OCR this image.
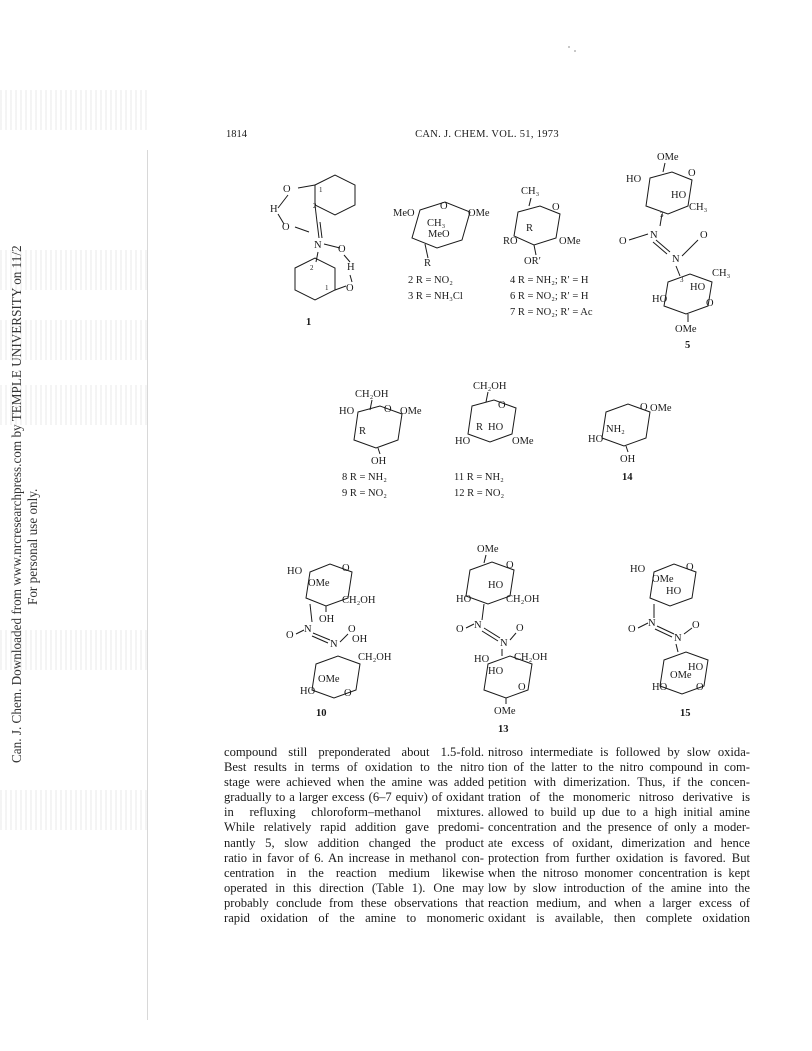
Can. J. Chem. Downloaded from www.nrcresearchpress.com by TEMPLE UNIVERSITY on 11/23/14 For personal use only.
1814	CAN. J. CHEM. VOL. 51, 1973
O
H
O
1
2
N O
H
O
2
1
1
MeO
O
OMe
CH₃
MeO
R
2 R = NO₂
3 R = NH₃Cl
CH₃
O
R
RO	OMe
OR′
4 R = NH₂; R′ = H
6 R = NO₂; R′ = H
7 R = NO₂; R′ = Ac
OMe
O
HO
HO
CH₃
3
O
N
N
O
3
HO
CH₃
HO	O
OMe
5
CH₂OH
O OMe
HO
R
OH
8 R = NH₂
9 R = NO₂
CH₂OH
O
R HO
HO	OMe
11 R = NH₂
12 R = NO₂
O OMe
NH₂
HO
OH
14
HO	O
OMe
CH₂OH
OH
O
N
N
O
OH
CH₂OH
OMe
HO	O
10
OMe
O
HO
HO	CH₂OH
O N
N
O
HO CH₂OH
HO
O
OMe
13
HO	O
OMe
HO
O
N
N
O
HO
OMe
HO	O
15

compound still preponderated about 1.5-fold.

Best results in terms of oxidation to the nitro

stage were achieved when the amine was added

gradually to a larger excess (6–7 equiv) of oxidant

in refluxing chloroform–methanol mixtures.

While relatively rapid addition gave predomi-

nantly 5, slow addition changed the product

ratio in favor of 6. An increase in methanol con-

centration in the reaction medium likewise

operated in this direction (Table 1). One may

probably conclude from these observations that

rapid oxidation of the amine to monomeric

nitroso intermediate is followed by slow oxida-

tion of the latter to the nitro compound in com-

petition with dimerization. Thus, if the concen-

tration of the monomeric nitroso derivative is

allowed to build up due to a high initial amine

concentration and the presence of only a moder-

ate excess of oxidant, dimerization and hence

protection from further oxidation is favored. But

when the nitroso monomer concentration is kept

low by slow introduction of the amine into the

reaction medium, and when a larger excess of

oxidant is available, then complete oxidation
